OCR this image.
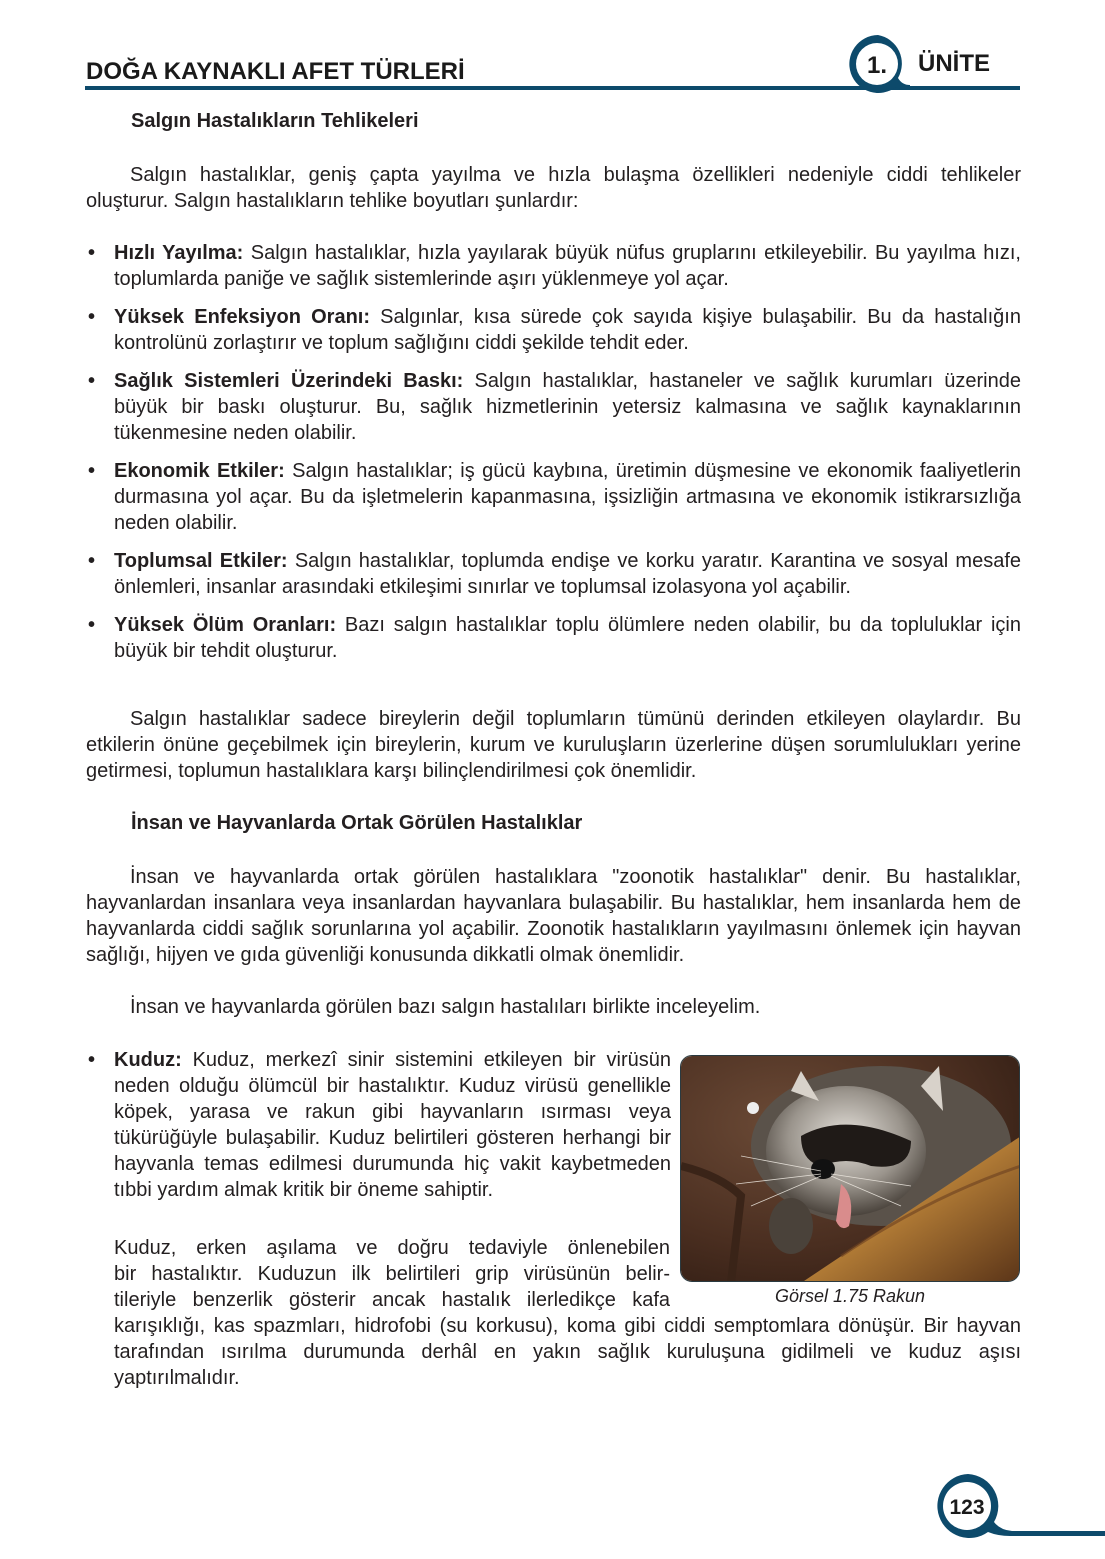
DOĞA KAYNAKLI AFET TÜRLERİ	1. ÜNİTE
Salgın Hastalıkların Tehlikeleri
Salgın hastalıklar, geniş çapta yayılma ve hızla bulaşma özellikleri nedeniyle ciddi tehlikeler oluşturur. Salgın hastalıkların tehlike boyutları şunlardır:
• Hızlı Yayılma: Salgın hastalıklar, hızla yayılarak büyük nüfus gruplarını etkileyebilir. Bu yayılma hızı, toplumlarda paniğe ve sağlık sistemlerinde aşırı yüklenmeye yol açar.
• Yüksek Enfeksiyon Oranı: Salgınlar, kısa sürede çok sayıda kişiye bulaşabilir. Bu da hastalığın kontrolünü zorlaştırır ve toplum sağlığını ciddi şekilde tehdit eder.
• Sağlık Sistemleri Üzerindeki Baskı: Salgın hastalıklar, hastaneler ve sağlık kurumları üzerinde büyük bir baskı oluşturur. Bu, sağlık hizmetlerinin yetersiz kalmasına ve sağlık kaynaklarının tükenmesine neden olabilir.
• Ekonomik Etkiler: Salgın hastalıklar; iş gücü kaybına, üretimin düşmesine ve ekonomik faaliyetlerin durmasına yol açar. Bu da işletmelerin kapanmasına, işsizliğin artmasına ve ekonomik istikrarsızlığa neden olabilir.
• Toplumsal Etkiler: Salgın hastalıklar, toplumda endişe ve korku yaratır. Karantina ve sosyal mesafe önlemleri, insanlar arasındaki etkileşimi sınırlar ve toplumsal izolasyona yol açabilir.
• Yüksek Ölüm Oranları: Bazı salgın hastalıklar toplu ölümlere neden olabilir, bu da topluluklar için büyük bir tehdit oluşturur.
Salgın hastalıklar sadece bireylerin değil toplumların tümünü derinden etkileyen olaylardır. Bu etkilerin önüne geçebilmek için bireylerin, kurum ve kuruluşların üzerlerine düşen sorumlulukları yerine getirmesi, toplumun hastalıklara karşı bilinçlendirilmesi çok önemlidir.
İnsan ve Hayvanlarda Ortak Görülen Hastalıklar
İnsan ve hayvanlarda ortak görülen hastalıklara "zoonotik hastalıklar" denir. Bu hastalıklar, hayvanlardan insanlara veya insanlardan hayvanlara bulaşabilir. Bu hastalıklar, hem insanlarda hem de hayvanlarda ciddi sağlık sorunlarına yol açabilir. Zoonotik hastalıkların yayılmasını önlemek için hayvan sağlığı, hijyen ve gıda güvenliği konusunda dikkatli olmak önemlidir.
İnsan ve hayvanlarda görülen bazı salgın hastalıları birlikte inceleyelim.
• Kuduz: Kuduz, merkezî sinir sistemini etkileyen bir virüsün neden olduğu ölümcül bir hastalıktır. Kuduz virüsü genellikle köpek, yarasa ve rakun gibi hayvanların ısırması veya tükürüğüyle bulaşabilir. Kuduz belirtileri gösteren herhangi bir hayvanla temas edilmesi durumunda hiç vakit kaybetmeden tıbbi yardım almak kritik bir öneme sahiptir.
Kuduz, erken aşılama ve doğru tedaviyle önlenebilen
bir hastalıktır. Kuduzun ilk belirtileri grip virüsünün belir-
tileriyle benzerlik gösterir ancak hastalık ilerledikçe kafa
karışıklığı, kas spazmları, hidrofobi (su korkusu), koma gibi ciddi semptomlara dönüşür. Bir hayvan tarafından ısırılma durumunda derhâl en yakın sağlık kuruluşuna gidilmeli ve kuduz aşısı yaptırılmalıdır.
Görsel 1.75 Rakun
123
